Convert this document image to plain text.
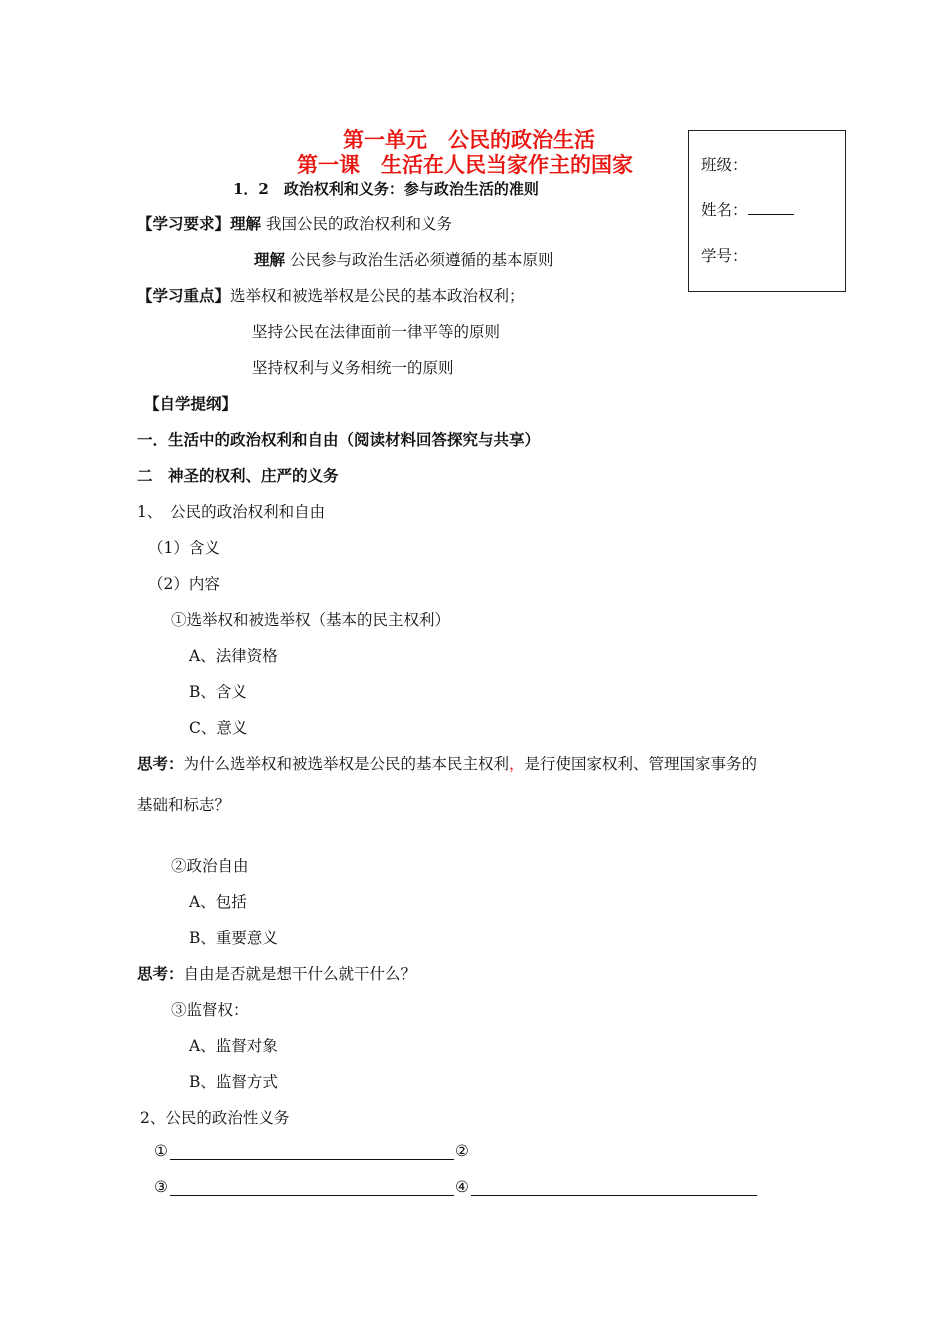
第一单元　公民的政治生活
第一课　生活在人民当家作主的国家
1．2　政治权利和义务：参与政治生活的准则
班级：
姓名：
学号：
【学习要求】理解 我国公民的政治权利和义务
理解 公民参与政治生活必须遵循的基本原则
【学习重点】选举权和被选举权是公民的基本政治权利；
坚持公民在法律面前一律平等的原则
坚持权利与义务相统一的原则
【自学提纲】
一．生活中的政治权利和自由（阅读材料回答探究与共享）
二　神圣的权利、庄严的义务
1、　公民的政治权利和自由
（1）含义
（2）内容
①选举权和被选举权（基本的民主权利）
A、法律资格
B、含义
C、意义
思考：为什么选举权和被选举权是公民的基本民主权利，是行使国家权利、管理国家事务的
基础和标志？
②政治自由
A、包括
B、重要意义
思考：自由是否就是想干什么就干什么？
③监督权：
A、监督对象
B、监督方式
2、公民的政治性义务
①	②
③	④
